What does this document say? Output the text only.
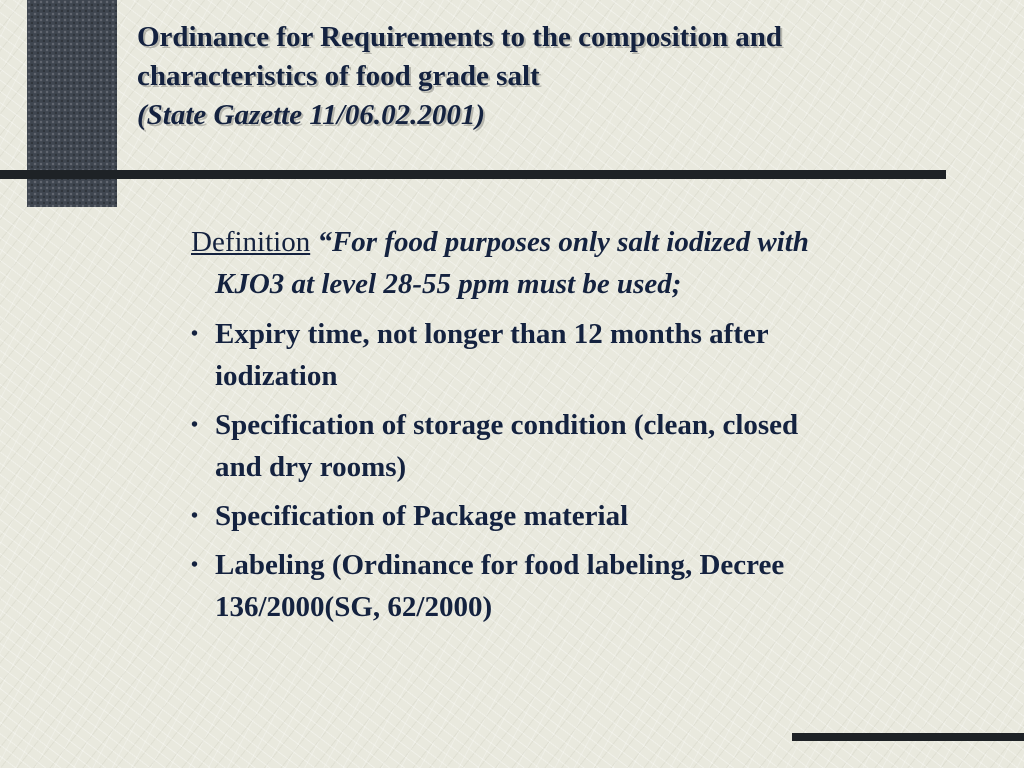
Ordinance for Requirements to the composition and
characteristics of food grade salt
(State Gazette 11/06.02.2001)

Definition “For food purposes only salt iodized with
KJO3 at level 28-55 ppm must be used;

• Expiry time, not longer than 12 months after
iodization
• Specification of storage condition (clean, closed
and dry rooms)
• Specification of Package material
• Labeling (Ordinance for food labeling, Decree
136/2000(SG, 62/2000)
